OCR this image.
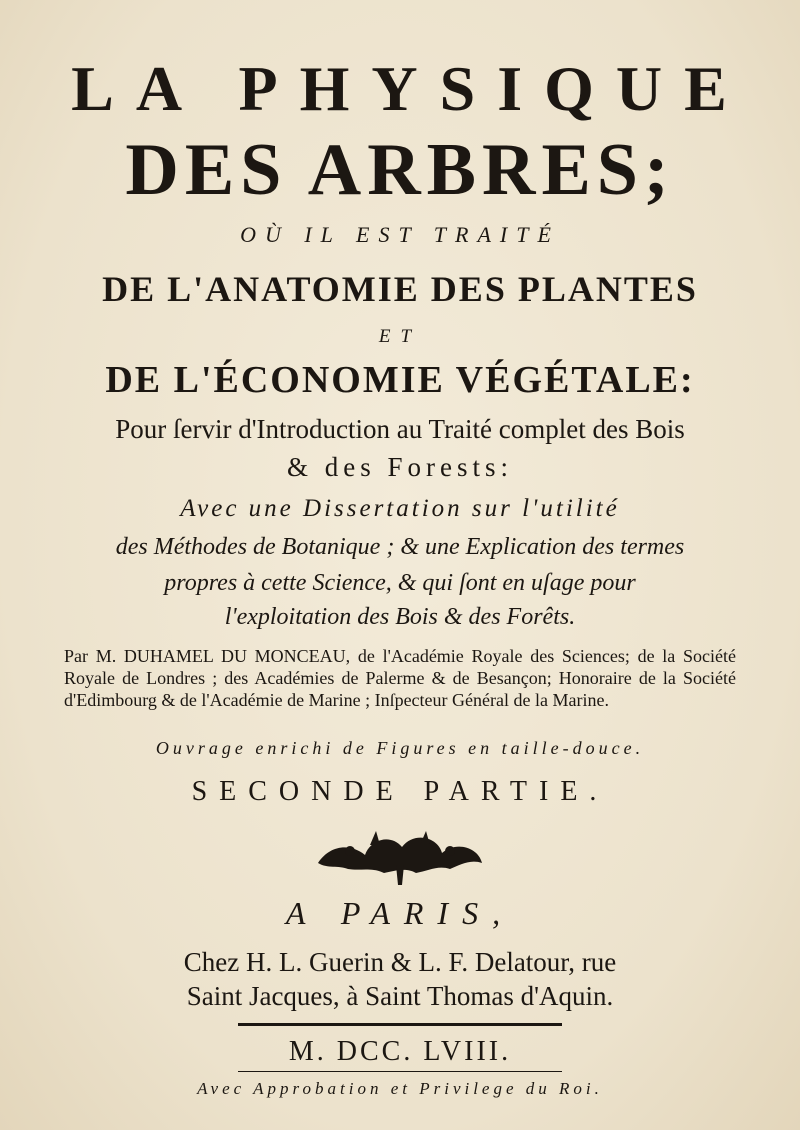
LA PHYSIQUE
DES ARBRES;
OÙ IL EST TRAITÉ
DE L'ANATOMIE DES PLANTES
ET
DE L'ÉCONOMIE VÉGÉTALE:
Pour ſervir d'Introduction au Traité complet des Bois
& des Forests:
Avec une Dissertation sur l'utilité
des Méthodes de Botanique ; & une Explication des termes
propres à cette Science, & qui ſont en uſage pour
l'exploitation des Bois & des Forêts.
Par M. DUHAMEL DU MONCEAU, de l'Académie Royale des Sciences; de la Société Royale de Londres ; des Académies de Palerme & de Besançon; Honoraire de la Société d'Edimbourg & de l'Académie de Marine ; Inſpecteur Général de la Marine.
Ouvrage enrichi de Figures en taille-douce.
SECONDE PARTIE.
A PARIS,
Chez H. L. Guerin & L. F. Delatour, rue
Saint Jacques, à Saint Thomas d'Aquin.
M. DCC. LVIII.
Avec Approbation et Privilege du Roi.
